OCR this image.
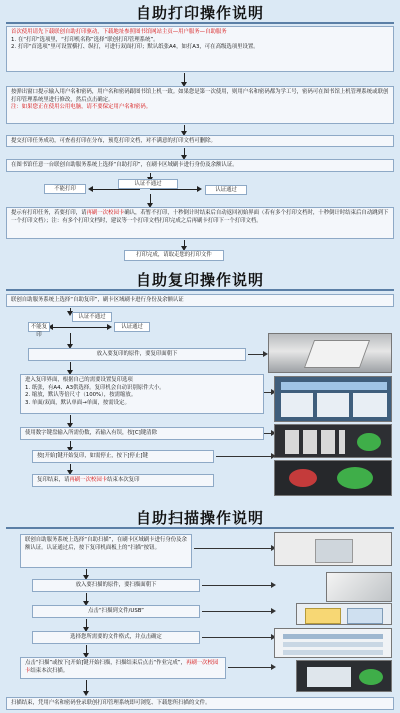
自助打印操作说明

首次使用请先下载联创自助打印驱动，下载地址参照图书馆网站主页—用户服务—自助服务

1. 在“打印”选项里，“打印机名称”选择“联创打印管理系统”。

2. 打印“首选项”里可设置横打、纵打，可进行双面打印；默认纸张A4，如打A3，可在高级选项里设置。

按弹出窗口提示输入用户名和密码，用户名和密码跟图书馆上机一致。如果您是第一次使用，则用户名和密码都为学工号，密码可在图书馆上机管理系统或联创打印管理系统里进行修改，然后点击确定。

注：如果您正在使用公用电脑，请不要保定用户名和密码。

提交打印任务成功，可查看打印在分布，预览打印文档，对不满意的打印文档可删除。

在图书馆任意一台联创自助服务系统上选择“自助打印”，在刷卡区域刷卡进行身份及余额认证。

认证不通过
不能打印	认证通过

提示有打印任务，若要打印，请再刷一次校园卡确认，若暂不打印，十秒倒计时结束后自动返回初始界面（若有多个打印文档时，十秒倒计时结束后自动跳到下一个打印文档）；注：有多个打印文档时，建议等一个打印文档打印完成之后再刷卡打印下一个打印文档。

打印完成，请取走您的打印文件
自助复印操作说明

联创自助服务系统上选择“自助复印”，刷卡区域刷卡进行身份及余额认证

认证不通过
不能复印
认证通过

放入要复印的原件，要复印面朝下

进入复印界面，根据自己的需要设置复印选项

1. 纸张，有A4、A3供选择。复印机会自动识别原件大小。

2. 缩放，默认等倍尺寸（100%），按需缩放。

3. 单面/双面，默认单面→单面，按需设定。

使用数字键盘输入所需份数，若输入有误，按[C]键清除

按[开始]键开始复印，如需停止，按下[停止]键

复印结束，请再刷一次校园卡结束本次复印

自助扫描操作说明

联创自助服务系统上选择“自助扫描”，在刷卡区域刷卡进行身份及余额认证。认证通过后，按下复印机面板上的“扫描”按钮。

放入要扫描的原件，要扫描面朝下

点击“扫描到文件/USB”

选择您所需要的文件格式，并点击确定

点击“扫描”或按下[开始]键开始扫描，扫描结束后点击“作业完成”，再刷一次校园卡结束本次扫描。

扫描结束，凭用户名和密码登录联创打印管理系统即可浏览、下载您所扫描的文件。
